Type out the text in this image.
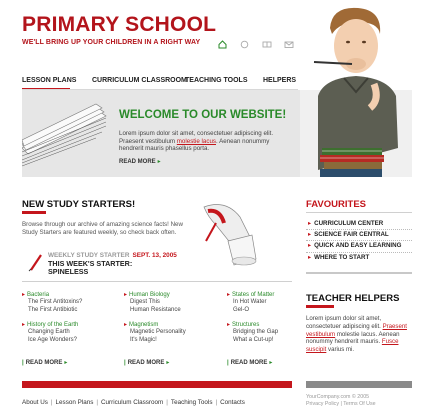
PRIMARY SCHOOL
WE'LL BRING UP YOUR CHILDREN IN A RIGHT WAY
LESSON PLANS CURRICULUM CLASSROOM
TEACHING TOOLS HELPERS
WELCOME TO OUR WEBSITE!
Lorem ipsum dolor sit amet, consectetuer adipiscing elit. Praesent vestibulum molestie lacus. Aenean nonummy hendrerit mauris phasellus porta.
READ MORE ▸
NEW STUDY STARTERS!
Browse through our archive of amazing science facts! New Study Starters are featured weekly, so check back often.
WEEKLY STUDY STARTER SEPT. 13, 2005
THIS WEEK'S STARTER:
SPINELESS
▸ Bacteria
The First Antitoxins?
The First Antibiotic
▸ Human Biology
Digest This
Human Resistance
▸ States of Matter
In Hot Water
Gel-O
▸ History of the Earth
Changing Earth
Ice Age Wonders?
▸ Magnetism
Magnetic Personality
It's Magic!
▸ Structures
Bridging the Gap
What a Cut-up!
| READ MORE ▸	| READ MORE ▸	| READ MORE ▸
FAVOURITES
▸ CURRICULUM CENTER
▸ SCIENCE FAIR CENTRAL
▸ QUICK AND EASY LEARNING
▸ WHERE TO START
TEACHER HELPERS
Lorem ipsum dolor sit amet, consectetuer adipiscing elit. Praesent vestibulum molestie lacus. Aenean nonummy hendrerit mauris. Fusce suscipit varius mi.
About Us | Lesson Plans | Curriculum Classroom | Teaching Tools | Contacts
YourCompany.com © 2005
Privacy Policy | Terms Of Use
